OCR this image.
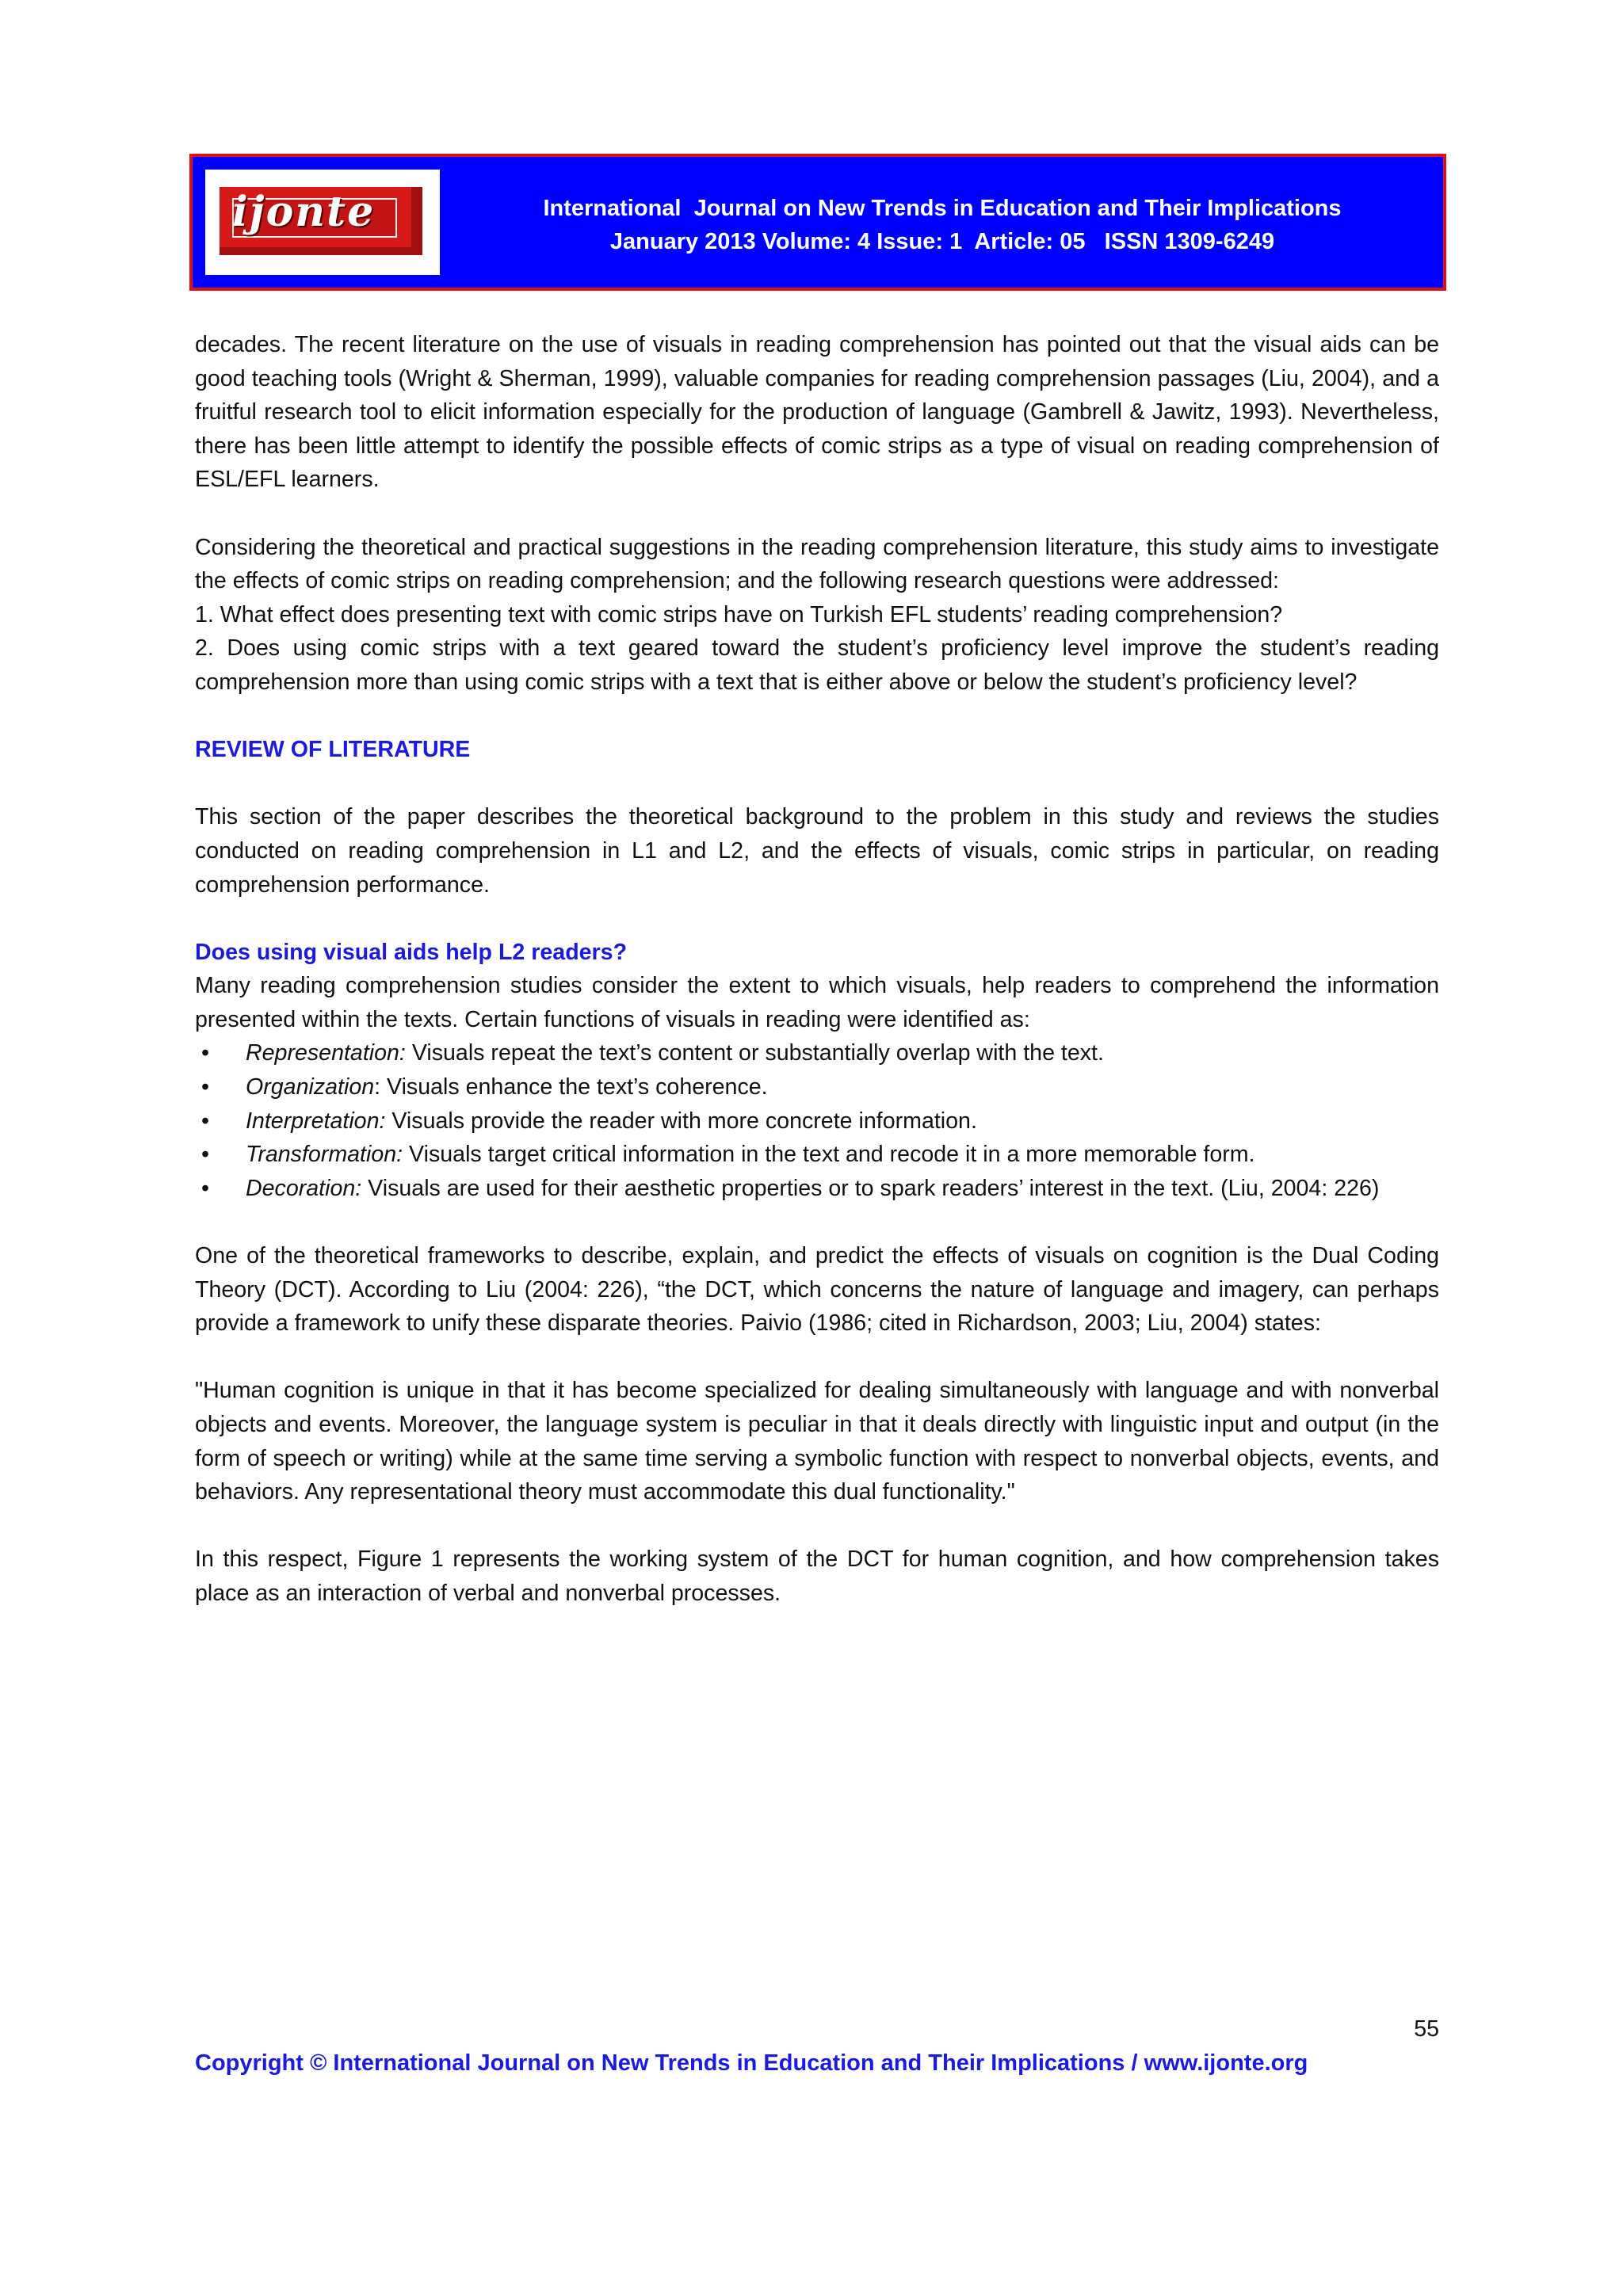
ijonte	International  Journal on New Trends in Education and Their Implications
January 2013 Volume: 4 Issue: 1  Article: 05   ISSN 1309-6249

decades. The recent literature on the use of visuals in reading comprehension has pointed out that the visual aids can be good teaching tools (Wright & Sherman, 1999), valuable companies for reading comprehension passages (Liu, 2004), and a fruitful research tool to elicit information especially for the production of language (Gambrell & Jawitz, 1993). Nevertheless, there has been little attempt to identify the possible effects of comic strips as a type of visual on reading comprehension of ESL/EFL learners.

Considering the theoretical and practical suggestions in the reading comprehension literature, this study aims to investigate the effects of comic strips on reading comprehension; and the following research questions were addressed:

1. What effect does presenting text with comic strips have on Turkish EFL students’ reading comprehension?

2. Does using comic strips with a text geared toward the student’s proficiency level improve the student’s reading comprehension more than using comic strips with a text that is either above or below the student’s proficiency level?

REVIEW OF LITERATURE

This section of the paper describes the theoretical background to the problem in this study and reviews the studies conducted on reading comprehension in L1 and L2, and the effects of visuals, comic strips in particular, on reading comprehension performance.

Does using visual aids help L2 readers?

Many reading comprehension studies consider the extent to which visuals, help readers to comprehend the information presented within the texts. Certain functions of visuals in reading were identified as:

• Representation: Visuals repeat the text’s content or substantially overlap with the text.
• Organization: Visuals enhance the text’s coherence.
• Interpretation: Visuals provide the reader with more concrete information.
• Transformation: Visuals target critical information in the text and recode it in a more memorable form.
• Decoration: Visuals are used for their aesthetic properties or to spark readers’ interest in the text. (Liu, 2004: 226)

One of the theoretical frameworks to describe, explain, and predict the effects of visuals on cognition is the Dual Coding Theory (DCT). According to Liu (2004: 226), “the DCT, which concerns the nature of language and imagery, can perhaps provide a framework to unify these disparate theories. Paivio (1986; cited in Richardson, 2003; Liu, 2004) states:

"Human cognition is unique in that it has become specialized for dealing simultaneously with language and with nonverbal objects and events. Moreover, the language system is peculiar in that it deals directly with linguistic input and output (in the form of speech or writing) while at the same time serving a symbolic function with respect to nonverbal objects, events, and behaviors. Any representational theory must accommodate this dual functionality."

In this respect, Figure 1 represents the working system of the DCT for human cognition, and how comprehension takes place as an interaction of verbal and nonverbal processes.

55
Copyright © International Journal on New Trends in Education and Their Implications / www.ijonte.org
